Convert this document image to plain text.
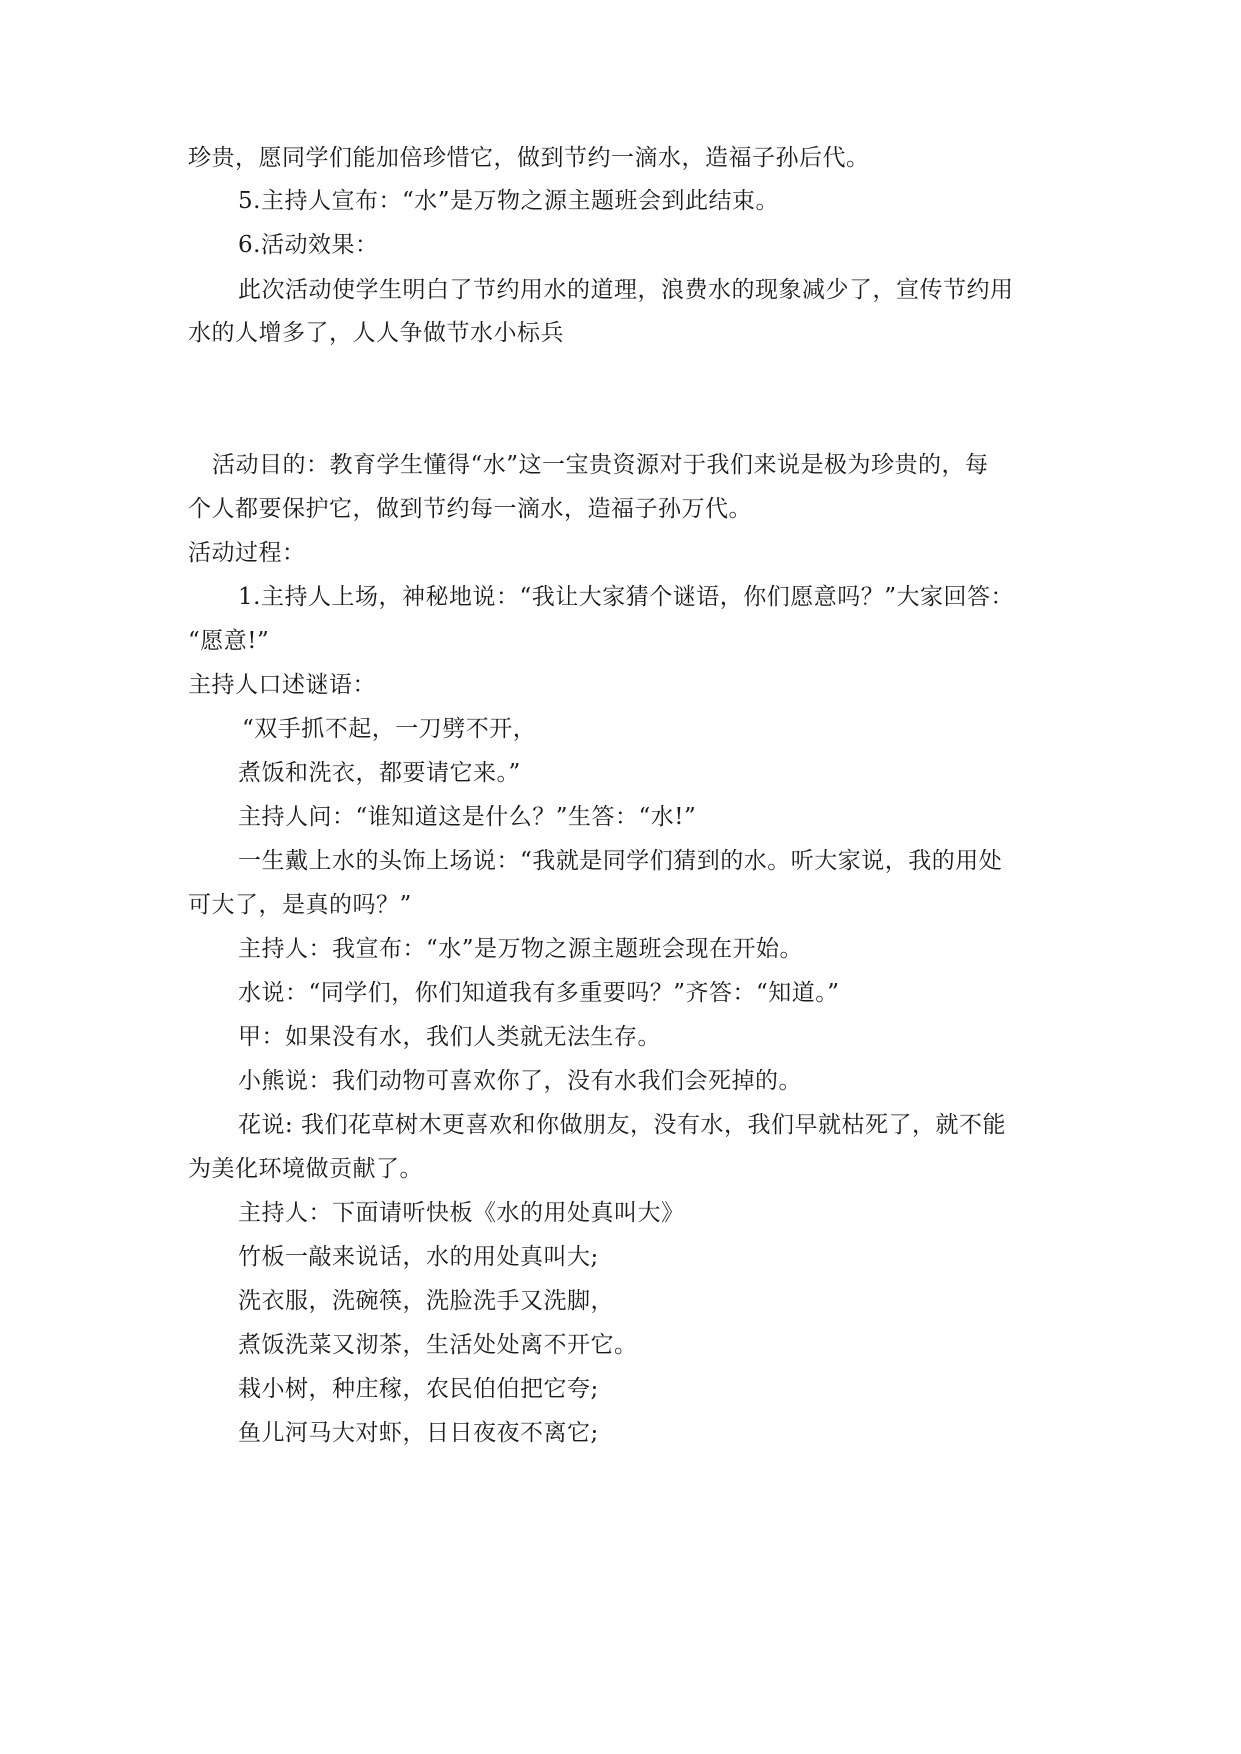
珍贵，愿同学们能加倍珍惜它，做到节约一滴水，造福子孙后代。
5.主持人宣布：“水”是万物之源主题班会到此结束。
6.活动效果：
此次活动使学生明白了节约用水的道理，浪费水的现象减少了，宣传节约用
水的人增多了，人人争做节水小标兵
活动目的：教育学生懂得“水”这一宝贵资源对于我们来说是极为珍贵的，每
个人都要保护它，做到节约每一滴水，造福子孙万代。
活动过程：
1.主持人上场，神秘地说：“我让大家猜个谜语，你们愿意吗？”大家回答：
“愿意!”
主持人口述谜语：
“双手抓不起，一刀劈不开，
煮饭和洗衣，都要请它来。”
主持人问：“谁知道这是什么？”生答：“水!”
一生戴上水的头饰上场说：“我就是同学们猜到的水。听大家说，我的用处
可大了，是真的吗？”
主持人：我宣布：“水”是万物之源主题班会现在开始。
水说：“同学们，你们知道我有多重要吗？”齐答：“知道。”
甲：如果没有水，我们人类就无法生存。
小熊说：我们动物可喜欢你了，没有水我们会死掉的。
花说: 我们花草树木更喜欢和你做朋友，没有水，我们早就枯死了，就不能
为美化环境做贡献了。
主持人：下面请听快板《水的用处真叫大》
竹板一敲来说话，水的用处真叫大;
洗衣服，洗碗筷，洗脸洗手又洗脚，
煮饭洗菜又沏茶，生活处处离不开它。
栽小树，种庄稼，农民伯伯把它夸;
鱼儿河马大对虾，日日夜夜不离它;
